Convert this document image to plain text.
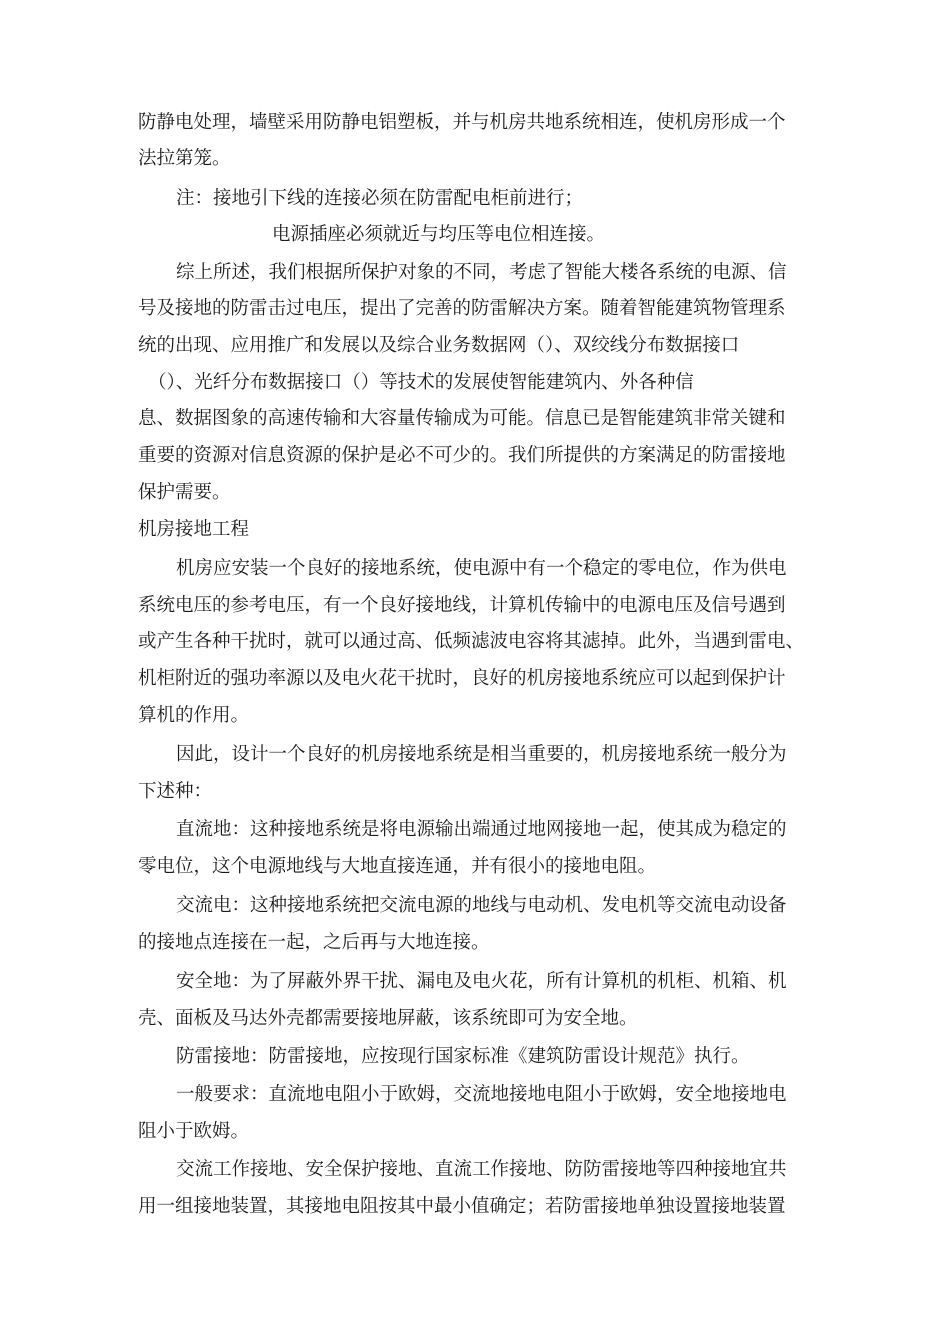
防静电处理，墙壁采用防静电铝塑板，并与机房共地系统相连，使机房形成一个
法拉第笼。
注：接地引下线的连接必须在防雷配电柜前进行；
电源插座必须就近与均压等电位相连接。
综上所述，我们根据所保护对象的不同，考虑了智能大楼各系统的电源、信
号及接地的防雷击过电压，提出了完善的防雷解决方案。随着智能建筑物管理系
统的出现、应用推广和发展以及综合业务数据网（）、双绞线分布数据接口
（）、光纤分布数据接口（）等技术的发展使智能建筑内、外各种信
息、数据图象的高速传输和大容量传输成为可能。信息已是智能建筑非常关键和
重要的资源对信息资源的保护是必不可少的。我们所提供的方案满足的防雷接地
保护需要。
机房接地工程
机房应安装一个良好的接地系统，使电源中有一个稳定的零电位，作为供电
系统电压的参考电压，有一个良好接地线，计算机传输中的电源电压及信号遇到
或产生各种干扰时，就可以通过高、低频滤波电容将其滤掉。此外，当遇到雷电、
机柜附近的强功率源以及电火花干扰时，良好的机房接地系统应可以起到保护计
算机的作用。
因此，设计一个良好的机房接地系统是相当重要的，机房接地系统一般分为
下述种：
直流地：这种接地系统是将电源输出端通过地网接地一起，使其成为稳定的
零电位，这个电源地线与大地直接连通，并有很小的接地电阻。
交流电：这种接地系统把交流电源的地线与电动机、发电机等交流电动设备
的接地点连接在一起，之后再与大地连接。
安全地：为了屏蔽外界干扰、漏电及电火花，所有计算机的机柜、机箱、机
壳、面板及马达外壳都需要接地屏蔽，该系统即可为安全地。
防雷接地：防雷接地，应按现行国家标准《建筑防雷设计规范》执行。
一般要求：直流地电阻小于欧姆，交流地接地电阻小于欧姆，安全地接地电
阻小于欧姆。
交流工作接地、安全保护接地、直流工作接地、防防雷接地等四种接地宜共
用一组接地装置，其接地电阻按其中最小值确定；若防雷接地单独设置接地装置
